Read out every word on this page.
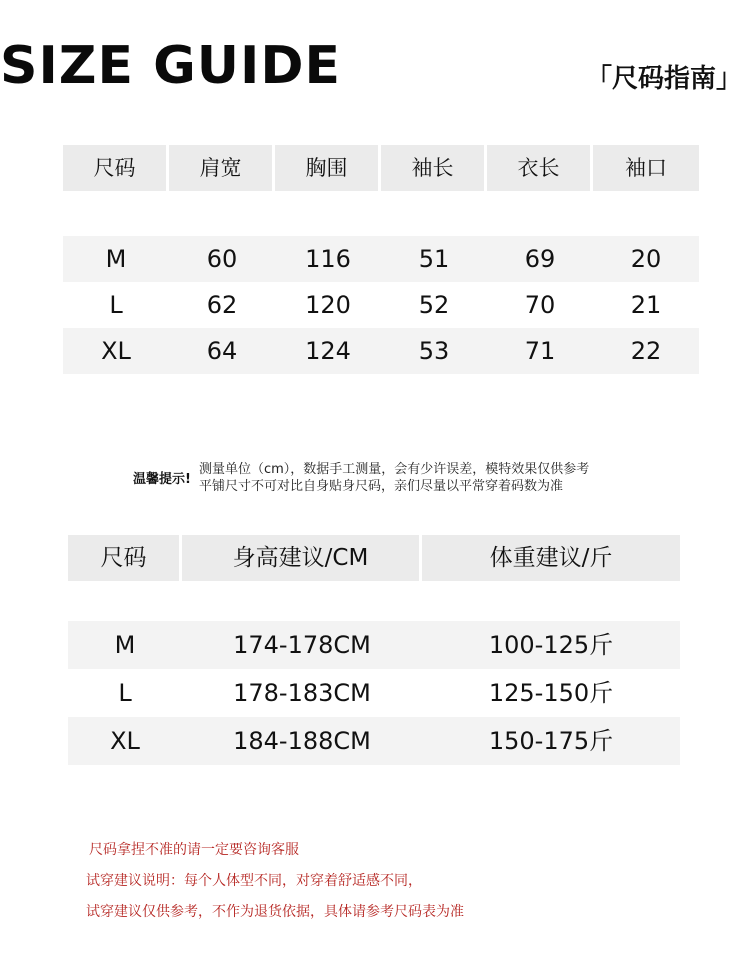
SIZE GUIDE	「尺码指南」
尺码	肩宽	胸围	袖长	衣长	袖口
M	60	116	51	69	20
L	62	120	52	70	21
XL	64	124	53	71	22
温馨提示!
测量单位（cm），数据手工测量，会有少许误差，模特效果仅供参考
平铺尺寸不可对比自身贴身尺码，亲们尽量以平常穿着码数为准
尺码	身高建议/CM	体重建议/斤
M	174-178CM	100-125斤
L	178-183CM	125-150斤
XL	184-188CM	150-175斤
尺码拿捏不准的请一定要咨询客服
试穿建议说明：每个人体型不同，对穿着舒适感不同，
试穿建议仅供参考，不作为退货依据，具体请参考尺码表为准
